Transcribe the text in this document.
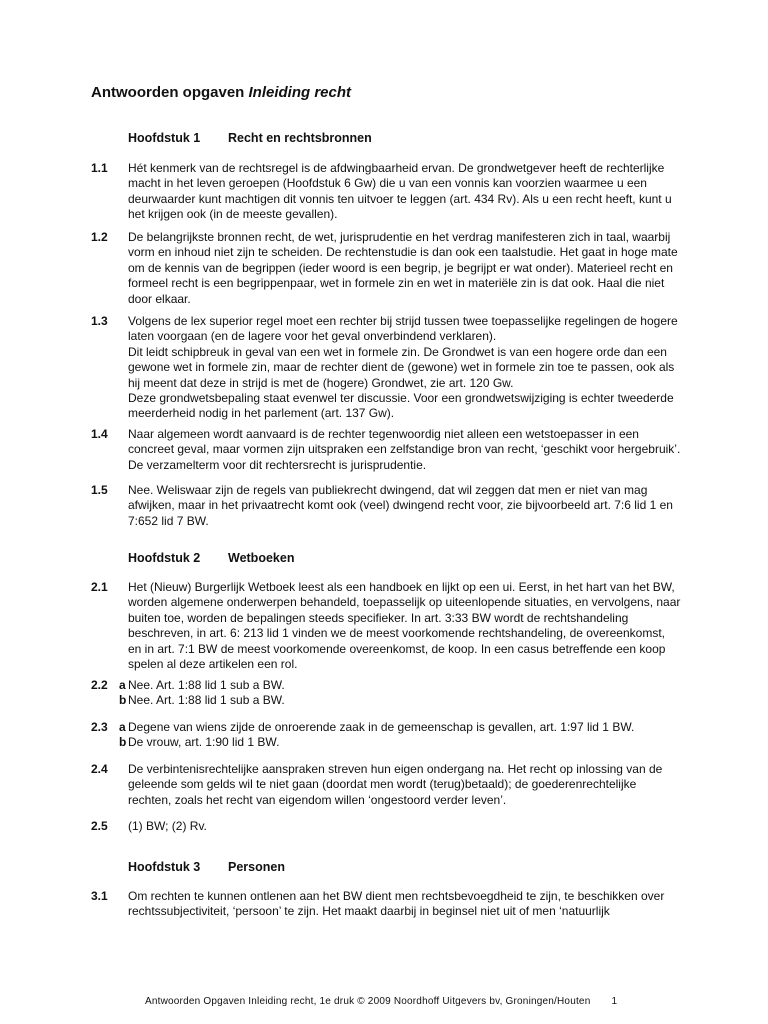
Antwoorden opgaven Inleiding recht
Hoofdstuk 1 Recht en rechtsbronnen
1.1 Hét kenmerk van de rechtsregel is de afdwingbaarheid ervan. De grondwetgever heeft de rechterlijke macht in het leven geroepen (Hoofdstuk 6 Gw) die u van een vonnis kan voorzien waarmee u een deurwaarder kunt machtigen dit vonnis ten uitvoer te leggen (art. 434 Rv). Als u een recht heeft, kunt u het krijgen ook (in de meeste gevallen).

1.2 De belangrijkste bronnen recht, de wet, jurisprudentie en het verdrag manifesteren zich in taal, waarbij vorm en inhoud niet zijn te scheiden. De rechtenstudie is dan ook een taalstudie. Het gaat in hoge mate om de kennis van de begrippen (ieder woord is een begrip, je begrijpt er wat onder). Materieel recht en formeel recht is een begrippenpaar, wet in formele zin en wet in materiële zin is dat ook. Haal die niet door elkaar.

1.3 Volgens de lex superior regel moet een rechter bij strijd tussen twee toepasselijke regelingen de hogere laten voorgaan (en de lagere voor het geval onverbindend verklaren).

Dit leidt schipbreuk in geval van een wet in formele zin. De Grondwet is van een hogere orde dan een gewone wet in formele zin, maar de rechter dient de (gewone) wet in formele zin toe te passen, ook als hij meent dat deze in strijd is met de (hogere) Grondwet, zie art. 120 Gw.

Deze grondwetsbepaling staat evenwel ter discussie. Voor een grondwetswijziging is echter tweederde meerderheid nodig in het parlement (art. 137 Gw).

1.4 Naar algemeen wordt aanvaard is de rechter tegenwoordig niet alleen een wetstoepasser in een concreet geval, maar vormen zijn uitspraken een zelfstandige bron van recht, ‘geschikt voor hergebruik’. De verzamelterm voor dit rechtersrecht is jurisprudentie.

1.5 Nee. Weliswaar zijn de regels van publiekrecht dwingend, dat wil zeggen dat men er niet van mag afwijken, maar in het privaatrecht komt ook (veel) dwingend recht voor, zie bijvoorbeeld art. 7:6 lid 1 en 7:652 lid 7 BW.

Hoofdstuk 2 Wetboeken
2.1 Het (Nieuw) Burgerlijk Wetboek leest als een handboek en lijkt op een ui. Eerst, in het hart van het BW, worden algemene onderwerpen behandeld, toepasselijk op uiteenlopende situaties, en vervolgens, naar buiten toe, worden de bepalingen steeds specifieker. In art. 3:33 BW wordt de rechtshandeling beschreven, in art. 6: 213 lid 1 vinden we de meest voorkomende rechtshandeling, de overeenkomst, en in art. 7:1 BW de meest voorkomende overeenkomst, de koop. In een casus betreffende een koop spelen al deze artikelen een rol.

2.2 a Nee. Art. 1:88 lid 1 sub a BW.
b Nee. Art. 1:88 lid 1 sub a BW.
2.3 a Degene van wiens zijde de onroerende zaak in de gemeenschap is gevallen, art. 1:97 lid 1 BW.
b De vrouw, art. 1:90 lid 1 BW.
2.4 De verbintenisrechtelijke aanspraken streven hun eigen ondergang na. Het recht op inlossing van de geleende som gelds wil te niet gaan (doordat men wordt (terug)betaald); de goederenrechtelijke rechten, zoals het recht van eigendom willen ‘ongestoord verder leven’.

2.5 (1) BW; (2) Rv.

Hoofdstuk 3 Personen
3.1 Om rechten te kunnen ontlenen aan het BW dient men rechtsbevoegdheid te zijn, te beschikken over rechtssubjectiviteit, ‘persoon’ te zijn. Het maakt daarbij in beginsel niet uit of men ‘natuurlijk

Antwoorden Opgaven Inleiding recht, 1e druk © 2009 Noordhoff Uitgevers bv, Groningen/Houten 1
